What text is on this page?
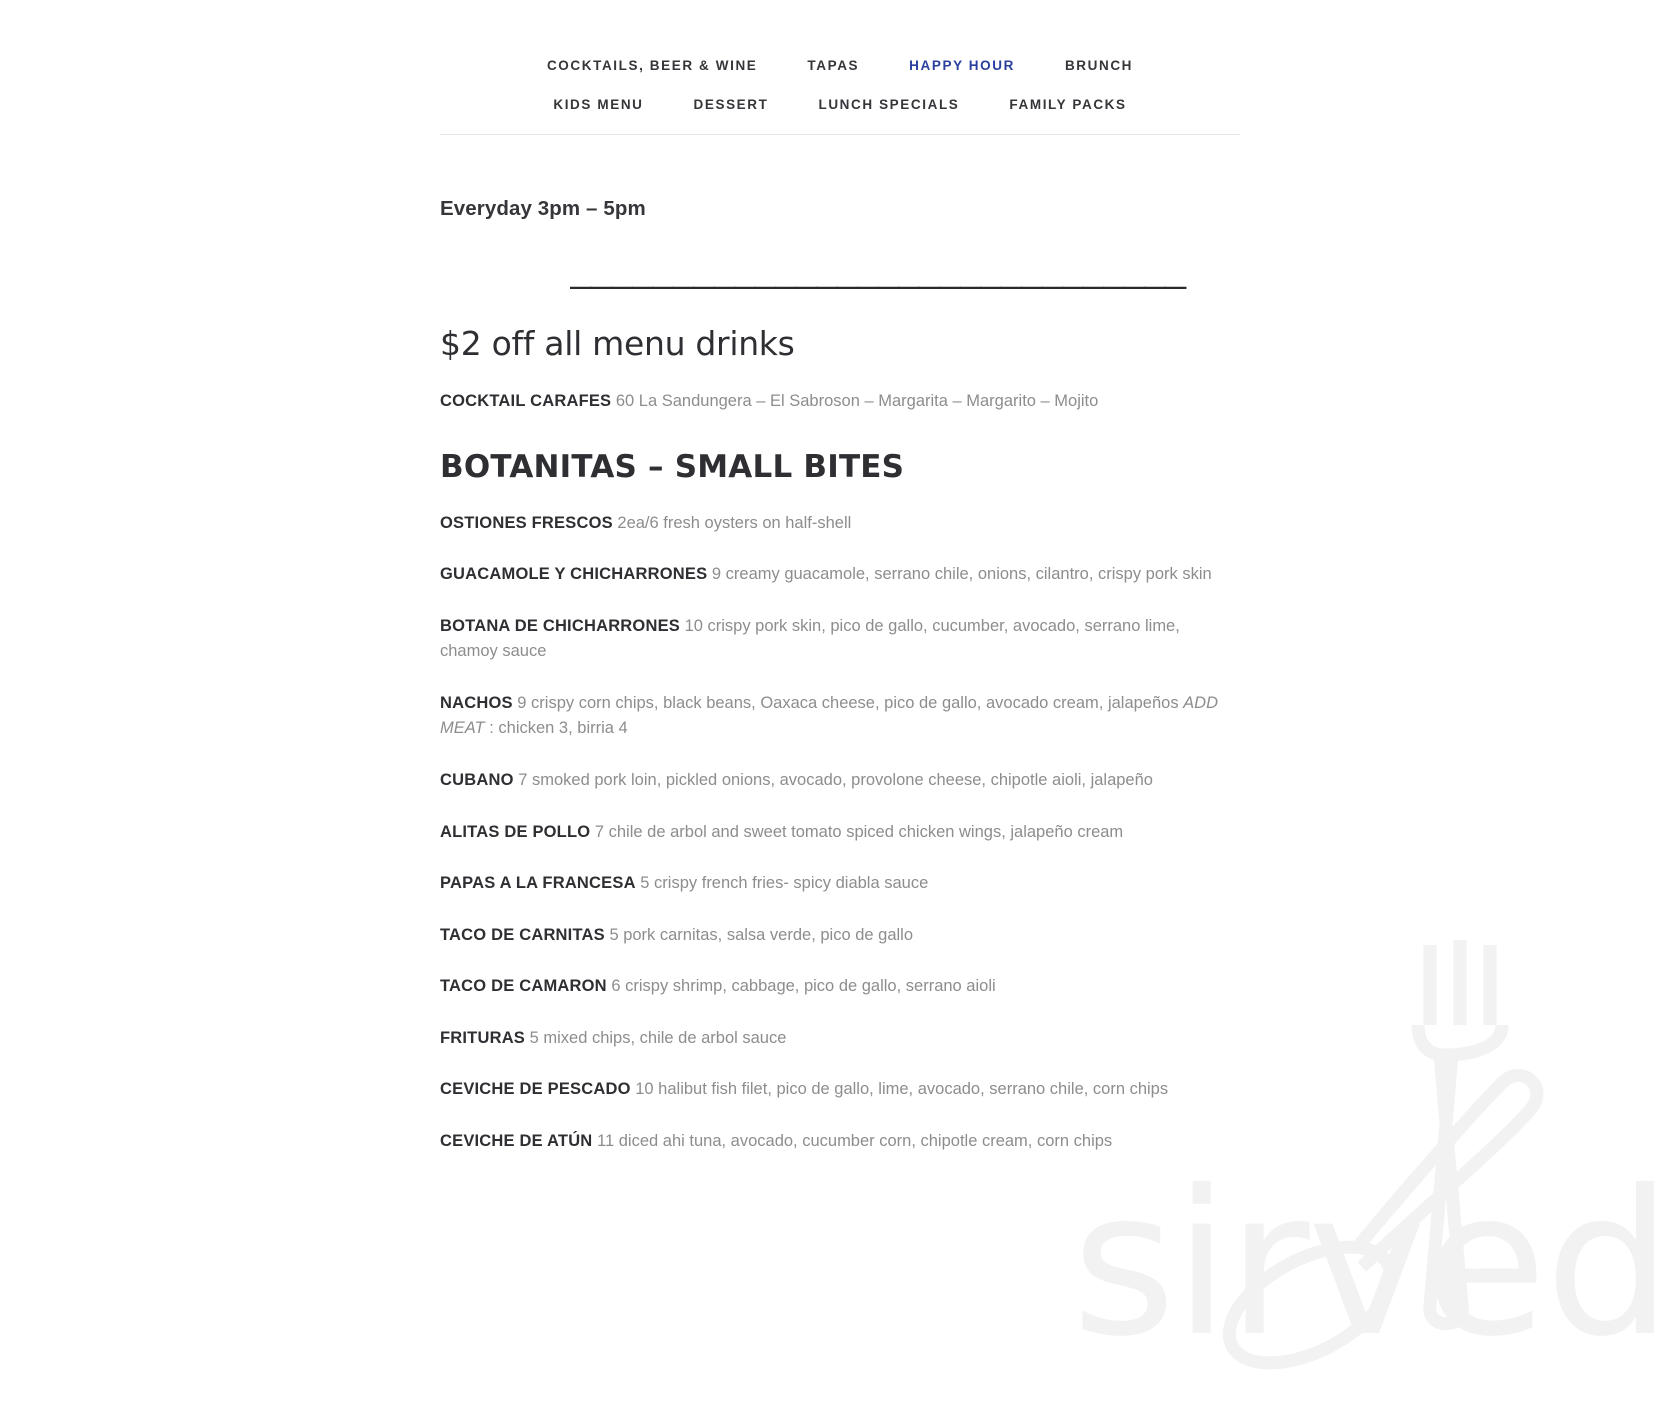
sirved
COCKTAILS, BEER & WINE	TAPAS	HAPPY HOUR	BRUNCH
KIDS MENU	DESSERT	LUNCH SPECIALS	FAMILY PACKS

Everyday 3pm – 5pm

——————————————————————————————
$2 off all menu drinks

COCKTAIL CARAFES 60 La Sandungera – El Sabroson – Margarita – Margarito – Mojito

BOTANITAS – SMALL BITES

OSTIONES FRESCOS 2ea/6 fresh oysters on half-shell

GUACAMOLE Y CHICHARRONES 9 creamy guacamole, serrano chile, onions, cilantro, crispy pork skin

BOTANA DE CHICHARRONES 10 crispy pork skin, pico de gallo, cucumber, avocado, serrano lime, chamoy sauce

NACHOS 9 crispy corn chips, black beans, Oaxaca cheese, pico de gallo, avocado cream, jalapeños ADD MEAT : chicken 3, birria 4

CUBANO 7 smoked pork loin, pickled onions, avocado, provolone cheese, chipotle aioli, jalapeño

ALITAS DE POLLO 7 chile de arbol and sweet tomato spiced chicken wings, jalapeño cream

PAPAS A LA FRANCESA 5 crispy french fries- spicy diabla sauce

TACO DE CARNITAS 5 pork carnitas, salsa verde, pico de gallo

TACO DE CAMARON 6 crispy shrimp, cabbage, pico de gallo, serrano aioli

FRITURAS 5 mixed chips, chile de arbol sauce

CEVICHE DE PESCADO 10 halibut fish filet, pico de gallo, lime, avocado, serrano chile, corn chips

CEVICHE DE ATÚN 11 diced ahi tuna, avocado, cucumber corn, chipotle cream, corn chips
